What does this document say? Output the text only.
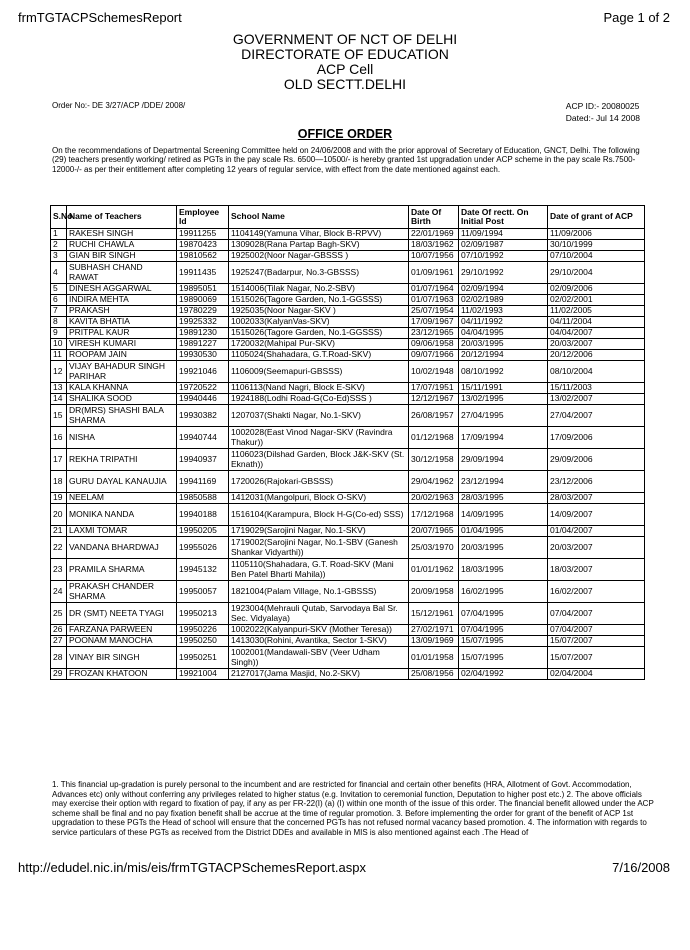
frmTGTACPSchemesReport	Page 1 of 2
GOVERNMENT OF NCT OF DELHI
DIRECTORATE OF EDUCATION
ACP Cell
OLD SECTT.DELHI
Order No:- DE 3/27/ACP /DDE/ 2008/	ACP ID:- 20080025
Dated:- Jul 14 2008
OFFICE ORDER
On the recommendations of Departmental Screening Committee held on 24/06/2008 and with the prior approval of Secretary of Education, GNCT, Delhi. The following (29) teachers presently working/ retired as PGTs in the pay scale Rs. 6500—10500/- is hereby granted 1st upgradation under ACP scheme in the pay scale Rs.7500-12000-/- as per their entitlement after completing 12 years of regular service, with effect from the date mentioned against each.
S.No	Name of Teachers	Employee Id	School Name	Date Of Birth	Date Of rectt. On Initial Post	Date of grant of ACP
1	RAKESH SINGH	19911255	1104149(Yamuna Vihar, Block B-RPVV)	22/01/1969	11/09/1994	11/09/2006
2	RUCHI CHAWLA	19870423	1309028(Rana Partap Bagh-SKV)	18/03/1962	02/09/1987	30/10/1999
3	GIAN BIR SINGH	19810562	1925002(Noor Nagar-GBSSS )	10/07/1956	07/10/1992	07/10/2004
4	SUBHASH CHAND RAWAT	19911435	1925247(Badarpur, No.3-GBSSS)	01/09/1961	29/10/1992	29/10/2004
5	DINESH AGGARWAL	19895051	1514006(Tilak Nagar, No.2-SBV)	01/07/1964	02/09/1994	02/09/2006
6	INDIRA MEHTA	19890069	1515026(Tagore Garden, No.1-GGSSS)	01/07/1963	02/02/1989	02/02/2001
7	PRAKASH	19780229	1925035(Noor Nagar-SKV )	25/07/1954	11/02/1993	11/02/2005
8	KAVITA BHATIA	19925332	1002033(KalyanVas-SKV)	17/09/1967	04/11/1992	04/11/2004
9	PRITPAL KAUR	19891230	1515026(Tagore Garden, No.1-GGSSS)	23/12/1965	04/04/1995	04/04/2007
10	VIRESH KUMARI	19891227	1720032(Mahipal Pur-SKV)	09/06/1958	20/03/1995	20/03/2007
11	ROOPAM JAIN	19930530	1105024(Shahadara, G.T.Road-SKV)	09/07/1966	20/12/1994	20/12/2006
12	VIJAY BAHADUR SINGH PARIHAR	19921046	1106009(Seemapuri-GBSSS)	10/02/1948	08/10/1992	08/10/2004
13	KALA KHANNA	19720522	1106113(Nand Nagri, Block E-SKV)	17/07/1951	15/11/1991	15/11/2003
14	SHALIKA SOOD	19940446	1924188(Lodhi Road-G(Co-Ed)SSS )	12/12/1967	13/02/1995	13/02/2007
15	DR(MRS) SHASHI BALA SHARMA	19930382	1207037(Shakti Nagar, No.1-SKV)	26/08/1957	27/04/1995	27/04/2007
16	NISHA	19940744	1002028(East Vinod Nagar-SKV (Ravindra Thakur))	01/12/1968	17/09/1994	17/09/2006
17	REKHA TRIPATHI	19940937	1106023(Dilshad Garden, Block J&K-SKV (St. Eknath))	30/12/1958	29/09/1994	29/09/2006
18	GURU DAYAL KANAUJIA	19941169	1720026(Rajokari-GBSSS)	29/04/1962	23/12/1994	23/12/2006
19	NEELAM	19850588	1412031(Mangolpuri, Block O-SKV)	20/02/1963	28/03/1995	28/03/2007
20	MONIKA NANDA	19940188	1516104(Karampura, Block H-G(Co-ed) SSS)	17/12/1968	14/09/1995	14/09/2007
21	LAXMI TOMAR	19950205	1719029(Sarojini Nagar, No.1-SKV)	20/07/1965	01/04/1995	01/04/2007
22	VANDANA BHARDWAJ	19955026	1719002(Sarojini Nagar, No.1-SBV (Ganesh Shankar Vidyarthi))	25/03/1970	20/03/1995	20/03/2007
23	PRAMILA SHARMA	19945132	1105110(Shahadara, G.T. Road-SKV (Mani Ben Patel Bharti Mahila))	01/01/1962	18/03/1995	18/03/2007
24	PRAKASH CHANDER SHARMA	19950057	1821004(Palam Village, No.1-GBSSS)	20/09/1958	16/02/1995	16/02/2007
25	DR (SMT) NEETA TYAGI	19950213	1923004(Mehrauli Qutab, Sarvodaya Bal Sr. Sec. Vidyalaya)	15/12/1961	07/04/1995	07/04/2007
26	FARZANA PARWEEN	19950226	1002022(Kalyanpuri-SKV (Mother Teresa))	27/02/1971	07/04/1995	07/04/2007
27	POONAM MANOCHA	19950250	1413030(Rohini, Avantika, Sector 1-SKV)	13/09/1969	15/07/1995	15/07/2007
28	VINAY BIR SINGH	19950251	1002001(Mandawali-SBV (Veer Udham Singh))	01/01/1958	15/07/1995	15/07/2007
29	FROZAN KHATOON	19921004	2127017(Jama Masjid, No.2-SKV)	25/08/1956	02/04/1992	02/04/2004
1. This financial up-gradation is purely personal to the incumbent and are restricted for financial and certain other benefits (HRA, Allotment of Govt. Accommodation, Advances etc) only without conferring any privileges related to higher status (e.g. Invitation to ceremonial function, Deputation to higher post etc.) 2. The above officials may exercise their option with regard to fixation of pay, if any as per FR-22(I) (a) (I) within one month of the issue of this order. The financial benefit allowed under the ACP scheme shall be final and no pay fixation benefit shall be accrue at the time of regular promotion. 3. Before implementing the order for grant of the benefit of ACP 1st upgradation to these PGTs the Head of school will ensure that the concerned PGTs has not refused normal vacancy based promotion. 4. The information with regards to service particulars of these PGTs as received from the District DDEs and available in MIS is also mentioned against each .The Head of
http://edudel.nic.in/mis/eis/frmTGTACPSchemesReport.aspx	7/16/2008
